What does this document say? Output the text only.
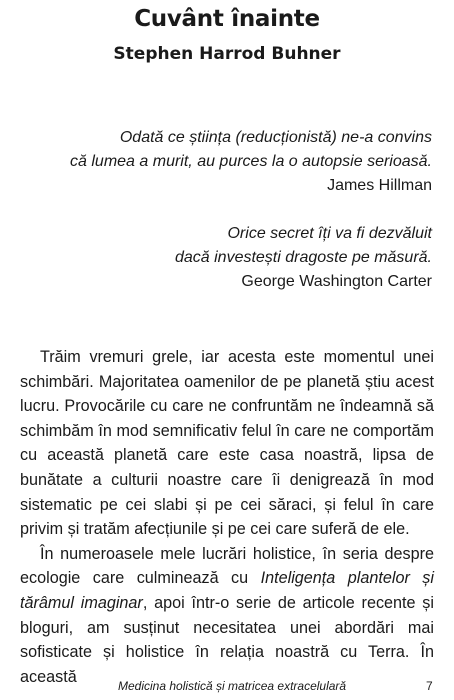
Cuvânt înainte
Stephen Harrod Buhner
Odată ce știința (reducționistă) ne-a convins
că lumea a murit, au purces la o autopsie serioasă.
James Hillman
Orice secret îți va fi dezvăluit
dacă investești dragoste pe măsură.
George Washington Carter

Trăim vremuri grele, iar acesta este momentul unei schimbări. Majoritatea oamenilor de pe planetă știu acest lucru. Provocările cu care ne confruntăm ne îndeamnă să schimbăm în mod semnificativ felul în care ne comportăm cu această planetă care este casa noastră, lipsa de bunătate a culturii noastre care îi denigrează în mod sistematic pe cei slabi și pe cei săraci, și felul în care privim și tratăm afecțiunile și pe cei care suferă de ele.

În numeroasele mele lucrări holistice, în seria despre ecologie care culminează cu Inteligența plantelor și tărâmul imaginar, apoi într-o serie de articole recente și bloguri, am susținut necesitatea unei abordări mai sofisticate și holistice în relația noastră cu Terra. În această

Medicina holistică și matricea extracelulară	7
